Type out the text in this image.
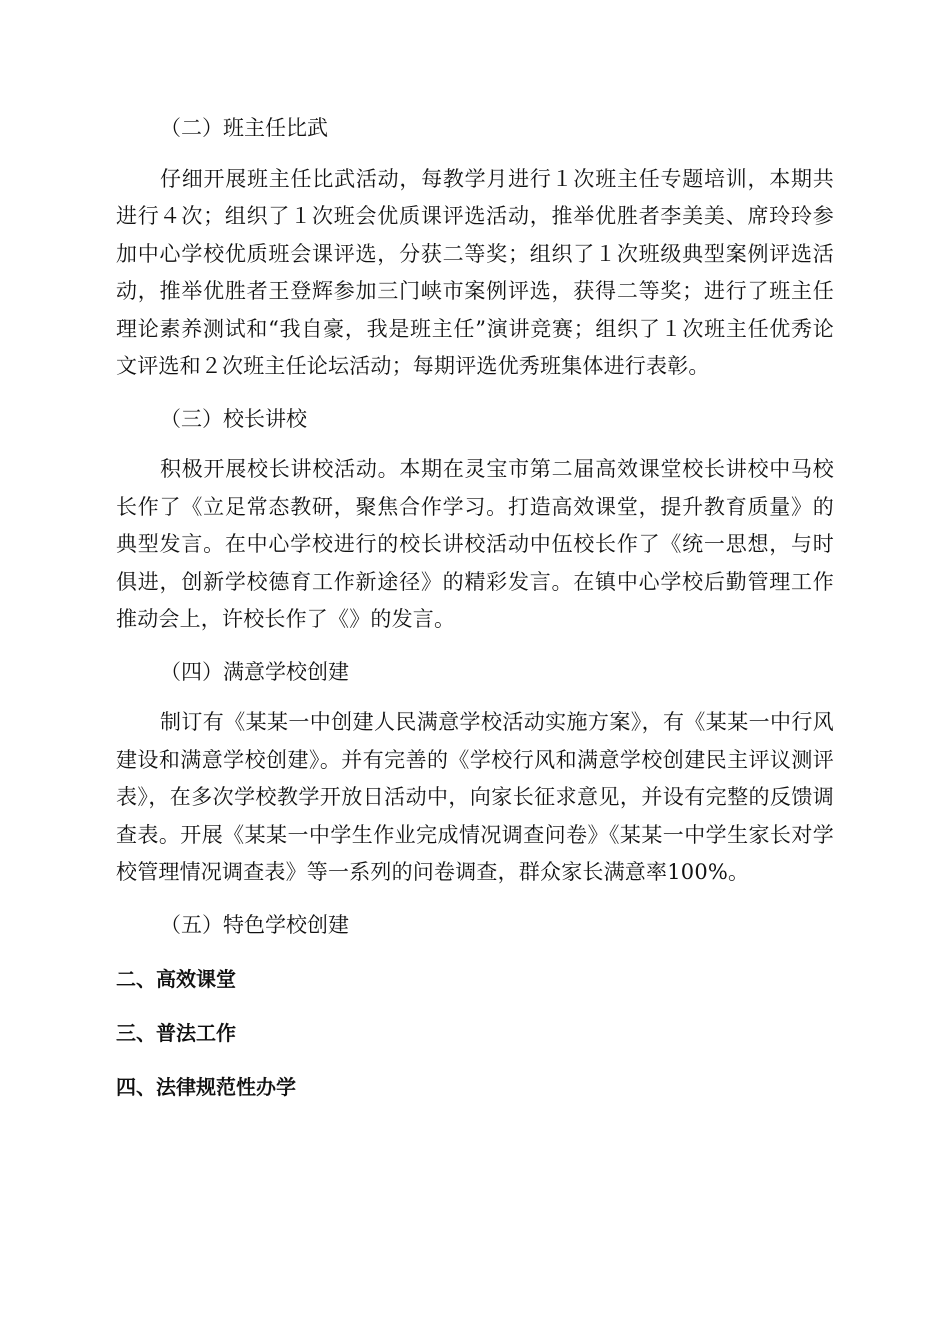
（二）班主任比武

仔细开展班主任比武活动，每教学月进行１次班主任专题培训，本期共进行４次；组织了１次班会优质课评选活动，推举优胜者李美美、席玲玲参加中心学校优质班会课评选，分获二等奖；组织了１次班级典型案例评选活动，推举优胜者王登辉参加三门峡市案例评选，获得二等奖；进行了班主任理论素养测试和“我自豪，我是班主任”演讲竞赛；组织了１次班主任优秀论文评选和２次班主任论坛活动；每期评选优秀班集体进行表彰。

（三）校长讲校

积极开展校长讲校活动。本期在灵宝市第二届高效课堂校长讲校中马校长作了《立足常态教研，聚焦合作学习。打造高效课堂，提升教育质量》的典型发言。在中心学校进行的校长讲校活动中伍校长作了《统一思想，与时俱进，创新学校德育工作新途径》的精彩发言。在镇中心学校后勤管理工作推动会上，许校长作了《》的发言。

（四）满意学校创建

制订有《某某一中创建人民满意学校活动实施方案》，有《某某一中行风建设和满意学校创建》。并有完善的《学校行风和满意学校创建民主评议测评表》，在多次学校教学开放日活动中，向家长征求意见，并设有完整的反馈调查表。开展《某某一中学生作业完成情况调查问卷》《某某一中学生家长对学校管理情况调查表》等一系列的问卷调查，群众家长满意率100%。

（五）特色学校创建

二、高效课堂

三、普法工作

四、法律规范性办学
